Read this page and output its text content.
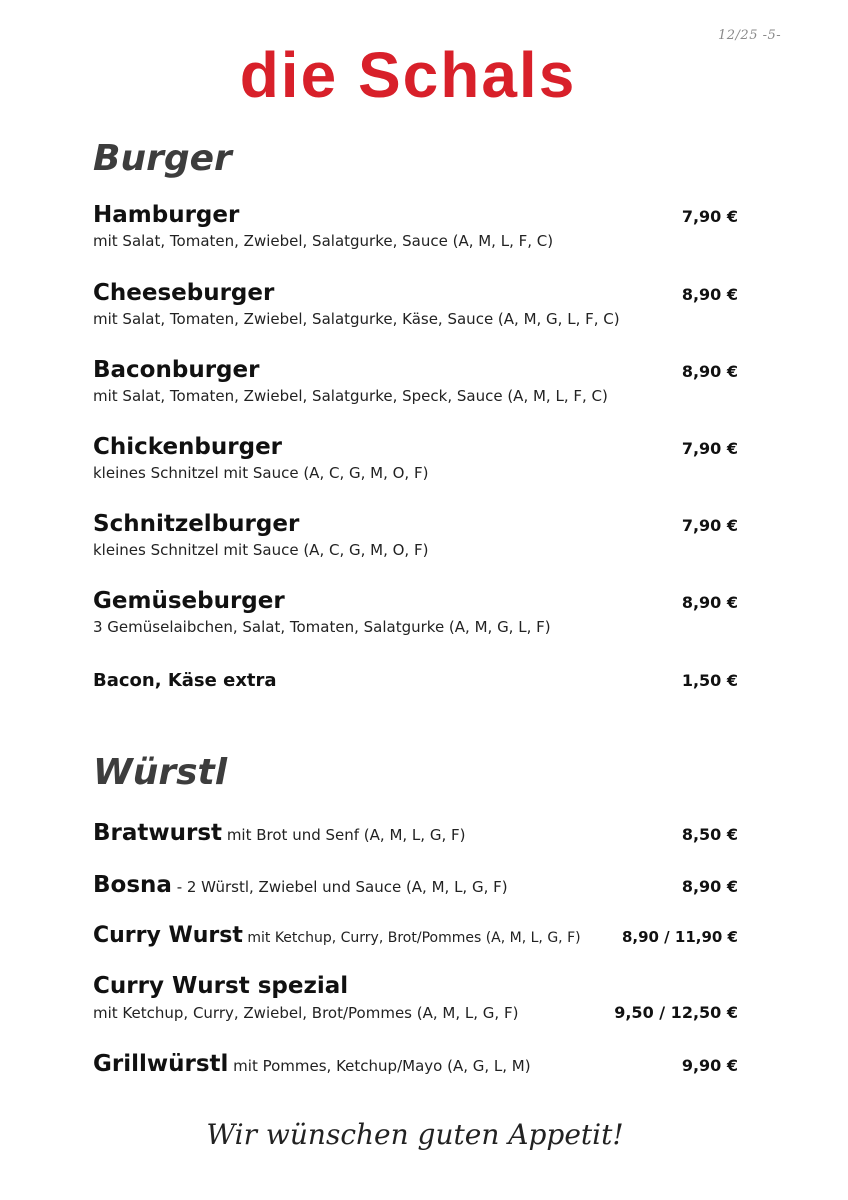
12/25 -5-
die Schals
Burger
Hamburger	7,90 €
mit Salat, Tomaten, Zwiebel, Salatgurke, Sauce (A, M, L, F, C)
Cheeseburger	8,90 €
mit Salat, Tomaten, Zwiebel, Salatgurke, Käse, Sauce (A, M, G, L, F, C)
Baconburger	8,90 €
mit Salat, Tomaten, Zwiebel, Salatgurke, Speck, Sauce (A, M, L, F, C)
Chickenburger	7,90 €
kleines Schnitzel mit Sauce (A, C, G, M, O, F)
Schnitzelburger	7,90 €
kleines Schnitzel mit Sauce (A, C, G, M, O, F)
Gemüseburger	8,90 €
3 Gemüselaibchen, Salat, Tomaten, Salatgurke (A, M, G, L, F)
Bacon, Käse extra	1,50 €
Würstl
Bratwurst mit Brot und Senf (A, M, L, G, F)	8,50 €
Bosna - 2 Würstl, Zwiebel und Sauce (A, M, L, G, F)	8,90 €
Curry Wurst mit Ketchup, Curry, Brot/Pommes (A, M, L, G, F)	8,90 / 11,90 €
Curry Wurst spezial
mit Ketchup, Curry, Zwiebel, Brot/Pommes (A, M, L, G, F)	9,50 / 12,50 €
Grillwürstl mit Pommes, Ketchup/Mayo (A, G, L, M)	9,90 €
Wir wünschen guten Appetit!
